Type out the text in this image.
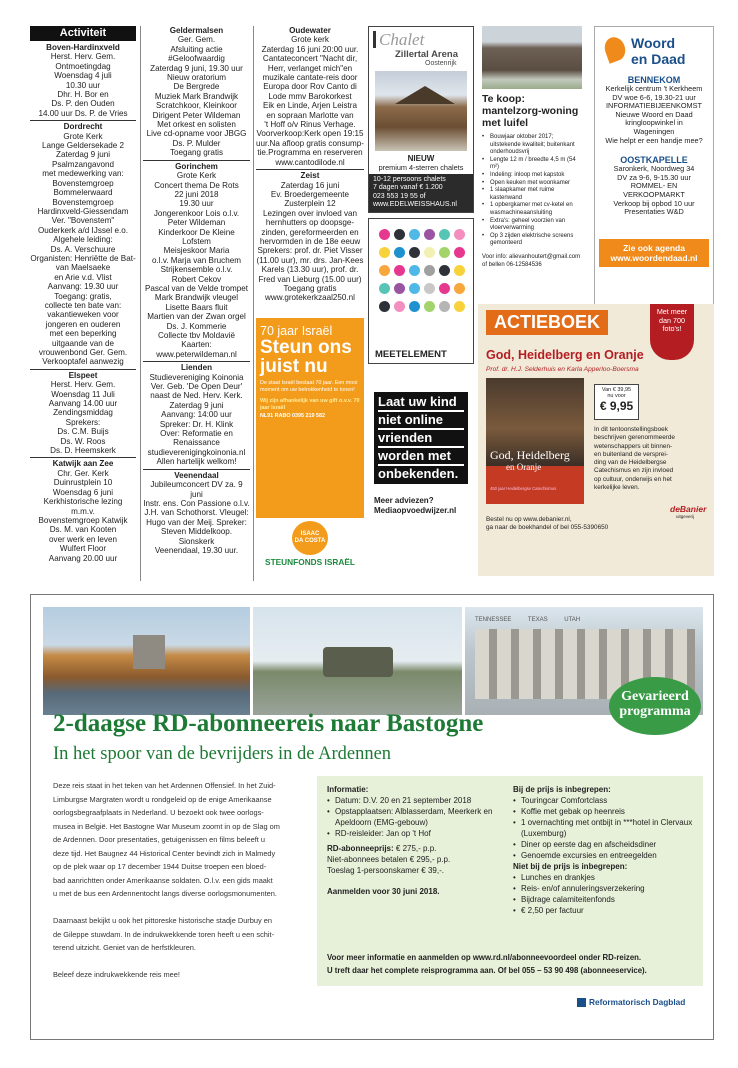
Activiteit
Boven-Hardinxveld
Herst. Herv. Gem.
Ontmoetingdag
Woensdag 4 juli
10.30 uur
Dhr. H. Bor en
Ds. P. den Ouden
14.00 uur Ds. P. de Vries
Dordrecht
Grote Kerk
Lange Geldersekade 2
Zaterdag 9 juni
Psalmzangavond
met medewerking van:
Bovenstemgroep
Bommelerwaard
Bovenstemgroep
Hardinxveld-Giessendam
Ver. "Bovenstem"
Ouderkerk a/d IJssel e.o.
Algehele leiding:
Ds. A. Verschuure
Organisten: Henriëtte de Bat-
van Maelsaeke
en Arie v.d. Vlist
Aanvang: 19.30 uur
Toegang: gratis,
collecte ten bate van:
vakantieweken voor
jongeren en ouderen
met een beperking
uitgaande van de
vrouwenbond Ger. Gem.
Verkooptafel aanwezig
Elspeet
Herst. Herv. Gem.
Woensdag 11 Juli
Aanvang 14.00 uur
Zendingsmiddag
Sprekers:
Ds. C.M. Buijs
Ds. W. Roos
Ds. D. Heemskerk
Katwijk aan Zee
Chr. Ger. Kerk
Duinrustplein 10
Woensdag 6 juni
Kerkhistorische lezing
m.m.v.
Bovenstemgroep Katwijk
Ds. M. van Kooten
over werk en leven
Wulfert Floor
Aanvang 20.00 uur
Geldermalsen
Ger. Gem.
Afsluiting actie
#Geloofwaardig
Zaterdag 9 juni, 19.30 uur
Nieuw oratorium
De Bergrede
Muziek Mark Brandwijk
Scratchkoor, Kleinkoor
Dirigent Peter Wildeman
Met orkest en solisten
Live cd-opname voor JBGG
Ds. P. Mulder
Toegang gratis
Gorinchem
Grote Kerk
Concert thema De Rots
22 juni 2018
19.30 uur
Jongerenkoor Lois o.l.v.
Peter Wildeman
Kinderkoor De Kleine
Lofstem
Meisjeskoor Maria
o.l.v. Marja van Bruchem
Strijkensemble o.l.v.
Robert Cekov
Pascal van de Velde trompet
Mark Brandwijk vleugel
Lisette Baars fluit
Martien van der Zwan orgel
Ds. J. Kommerie
Collecte tbv Moldavië
Kaarten:
www.peterwildeman.nl
Lienden
Studievereniging Koinonia
Ver. Geb. 'De Open Deur'
naast de Ned. Herv. Kerk.
Zaterdag 9 juni
Aanvang: 14:00 uur
Spreker: Dr. H. Klink
Over: Reformatie en
Renaissance
studieverenigingkoinonia.nl
Allen hartelijk welkom!
Veenendaal
Jubileumconcert DV za. 9 juni
Instr. ens. Con Passione o.l.v.
J.H. van Schothorst. Vleugel:
Hugo van der Meij. Spreker:
Steven Middelkoop. Sionskerk
Veenendaal, 19.30 uur.
Oudewater
Grote kerk
Zaterdag 16 juni 20:00 uur.
Cantateconcert "Nacht dir,
Herr, verlanget mich"en
muzikale cantate-reis door
Europa door Rov Canto di
Lode mmv Barokorkest
Eik en Linde, Arjen Leistra
en sopraan Marlotte van
't Hoff o/v Rinus Verhage.
Voorverkoop:Kerk open 19:15
uur.Na afloop gratis consump-
tie.Programma en reserveren
www.cantodilode.nl
Zeist
Zaterdag 16 juni
Ev. Broedergemeente
Zusterplein 12
Lezingen over invloed van
hernhutters op doopsge-
zinden, gereformeerden en
hervormden in de 18e eeuw
Sprekers: prof. dr. Piet Visser
(11.00 uur), mr. drs. Jan-Kees
Karels (13.30 uur), prof. dr.
Fred van Lieburg (15.00 uur)
Toegang gratis
www.grotekerkzaal250.nl
70 jaar Israël
Steun ons
juist nu
De staat Israël bestaat 70 jaar. Een mooi moment om uw betrokkenheid te tonen!
Wij zijn afhankelijk van uw gift o.v.v. 70 jaar Israël
NL91 RABO 0395 219 582
ISAAC
DA COSTA
STEUNFONDS ISRAËL
Chalet
Zillertal Arena
Oostenrijk
NIEUW
premium 4-sterren chalets
10-12 persoons chalets
7 dagen vanaf € 1.200
023 553 19 55 of
www.EDELWEISSHAUS.nl
MEETELEMENT
Laat uw kind
niet online
vrienden
worden met
onbekenden.
Meer adviezen?
Mediaopvoedwijzer.nl
Te koop: mantelzorg-woning met luifel
Bouwjaar oktober 2017; uitstekende kwaliteit; buitenkant onderhoudsvrij
•
Lengte 12 m / breedte 4,5 m (54 m²)
•
Indeling: inloop met kapstok
•
Open keuken met woonkamer
•
1 slaapkamer met ruime kastenwand
•
1 opbergkamer met cv-ketel en wasmachineaansluiting
•
Extra's: geheel voorzien van vloerverwarming
•
Op 3 zijden elektrische screens gemonteerd
•
Voor info: alievanhoutert@gmail.com of bellen 06-12584536
Woord
en Daad
BENNEKOM
Kerkelijk centrum 't Kerkheem
DV woe 6-6, 19.30-21 uur
INFORMATIEBIJEENKOMST
Nieuwe Woord en Daad
kringloopwinkel in
Wageningen
Wie helpt er een handje mee?
OOSTKAPELLE
Saronkerk, Noordweg 34
DV za 9-6, 9-15.30 uur
ROMMEL- EN
VERKOOPMARKT
Verkoop bij opbod 10 uur
Presentaties W&D
Zie ook agenda
www.woordendaad.nl
ACTIEBOEK
Met meer
dan 700
foto's!
God, Heidelberg en Oranje
Prof. dr. H.J. Selderhuis en Karla Apperloo-Boersma
God, Heidelberg
en Oranje
450 jaar Heidelbergse Catechismus
Van € 39,95
nu voor
€ 9,95
In dit tentoonstellingsboek
beschrijven gerenommeerde
wetenschappers uit binnen-
en buitenland de versprei-
ding van de Heidelbergse
Catechismus en zijn invloed
op cultuur, onderwijs en het
kerkelijke leven.
Bestel nu op www.debanier.nl,
ga naar de boekhandel of bel 055-5390650
deBanier
uitgeverij
TENNESSEE          TEXAS          UTAH
Gevarieerd
programma
2-daagse RD-abonneereis naar Bastogne
In het spoor van de bevrijders in de Ardennen
Deze reis staat in het teken van het Ardennen Offensief. In het Zuid-
Limburgse Margraten wordt u rondgeleid op de enige Amerikaanse
oorlogsbegraafplaats in Nederland. U bezoekt ook twee oorlogs-
musea in België. Het Bastogne War Museum zoomt in op de Slag om
de Ardennen. Door presentaties, getuigenissen en films beleeft u
deze tijd. Het Baugnez 44 Historical Center bevindt zich in Malmedy
op de plek waar op 17 december 1944 Duitse troepen een bloed-
bad aanrichtten onder Amerikaanse soldaten. O.l.v. een gids maakt
u met de bus een Ardennentocht langs diverse oorlogsmonumenten.
Daarnaast bekijkt u ook het pittoreske historische stadje Durbuy en
de Gileppe stuwdam. In de indrukwekkende toren heeft u een schit-
terend uitzicht. Geniet van de herfstkleuren.
Beleef deze indrukwekkende reis mee!
Informatie:
Datum: D.V. 20 en 21 september 2018
•
Opstapplaatsen: Alblasserdam, Meerkerk en Apeldoorn (EMG-gebouw)
•
RD-reisleider: Jan op 't Hof
•
RD-abonneeprijs: € 275,- p.p.
Niet-abonnees betalen € 295,- p.p.
Toeslag 1-persoonskamer € 39,-.
Aanmelden voor 30 juni 2018.
Bij de prijs is inbegrepen:
Touringcar Comfortclass
•
Koffie met gebak op heenreis
•
1 overnachting met ontbijt in ***hotel in Clervaux (Luxemburg)
•
Diner op eerste dag en afscheidsdiner
•
Genoemde excursies en entreegelden
•
Niet bij de prijs is inbegrepen:
Lunches en drankjes
•
Reis- en/of annuleringsverzekering
•
Bijdrage calamiteitenfonds
•
€ 2,50 per factuur
•
Voor meer informatie en aanmelden op www.rd.nl/abonneevoordeel onder RD-reizen.
U treft daar het complete reisprogramma aan. Of bel 055 – 53 90 498 (abonneeservice).
Reformatorisch Dagblad
